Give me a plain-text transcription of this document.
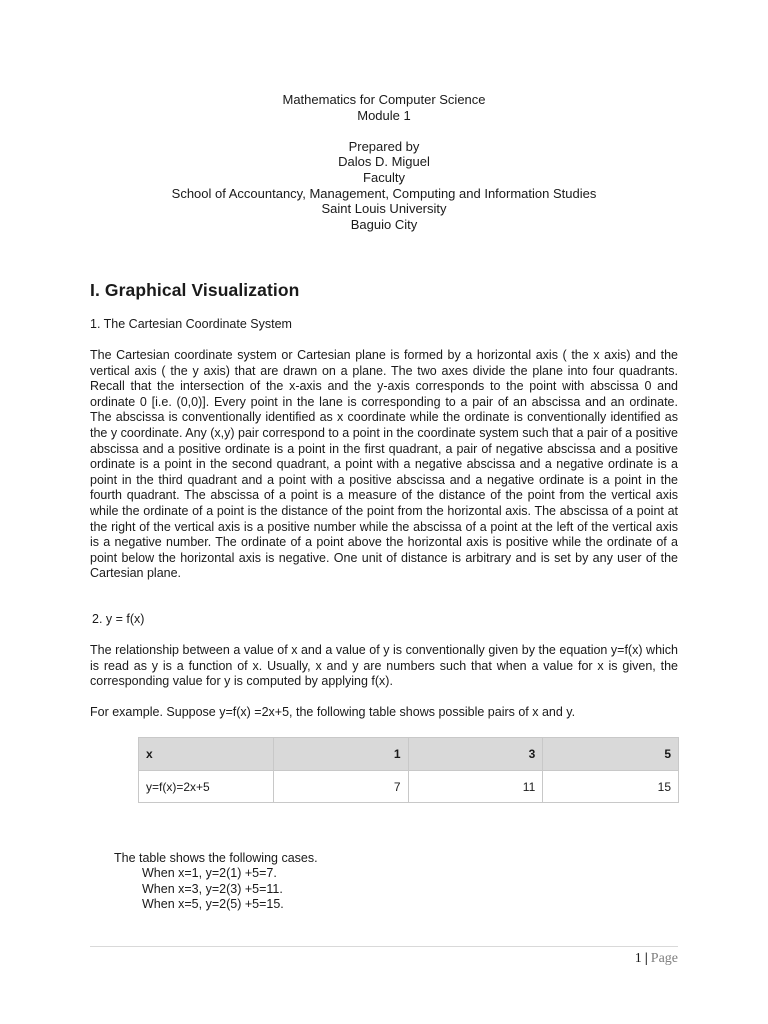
Mathematics for Computer Science
Module 1
Prepared by
Dalos D. Miguel
Faculty
School of Accountancy, Management, Computing and Information Studies
Saint Louis University
Baguio City
I. Graphical Visualization
1. The Cartesian Coordinate System

The Cartesian coordinate system or Cartesian plane is formed by a horizontal axis ( the x axis) and the vertical axis ( the y axis) that are drawn on a plane. The two axes divide the plane into four quadrants. Recall that the intersection of the x-axis and the y-axis corresponds to the point with abscissa 0 and ordinate 0 [i.e. (0,0)]. Every point in the lane is corresponding to a pair of an abscissa and an ordinate. The abscissa is conventionally identified as x coordinate while the ordinate is conventionally identified as the y coordinate. Any (x,y) pair correspond to a point in the coordinate system such that a pair of a positive abscissa and a positive ordinate is a point in the first quadrant, a pair of negative abscissa and a positive ordinate is a point in the second quadrant, a point with a negative abscissa and a negative ordinate is a point in the third quadrant and a point with a positive abscissa and a negative ordinate is a point in the fourth quadrant. The abscissa of a point is a measure of the distance of the point from the vertical axis while the ordinate of a point is the distance of the point from the horizontal axis. The abscissa of a point at the right of the vertical axis is a positive number while the abscissa of a point at the left of the vertical axis is a negative number. The ordinate of a point above the horizontal axis is positive while the ordinate of a point below the horizontal axis is negative. One unit of distance is arbitrary and is set by any user of the Cartesian plane.

2. y = f(x)

The relationship between a value of x and a value of y is conventionally given by the equation y=f(x) which is read as y is a function of x. Usually, x and y are numbers such that when a value for x is given, the corresponding value for y is computed by applying f(x).

For example. Suppose y=f(x) =2x+5, the following table shows possible pairs of x and y.

x	1	3	5
y=f(x)=2x+5	7	11	15
The table shows the following cases.
When x=1, y=2(1) +5=7.
When x=3, y=2(3) +5=11.
When x=5, y=2(5) +5=15.
1 | Page
